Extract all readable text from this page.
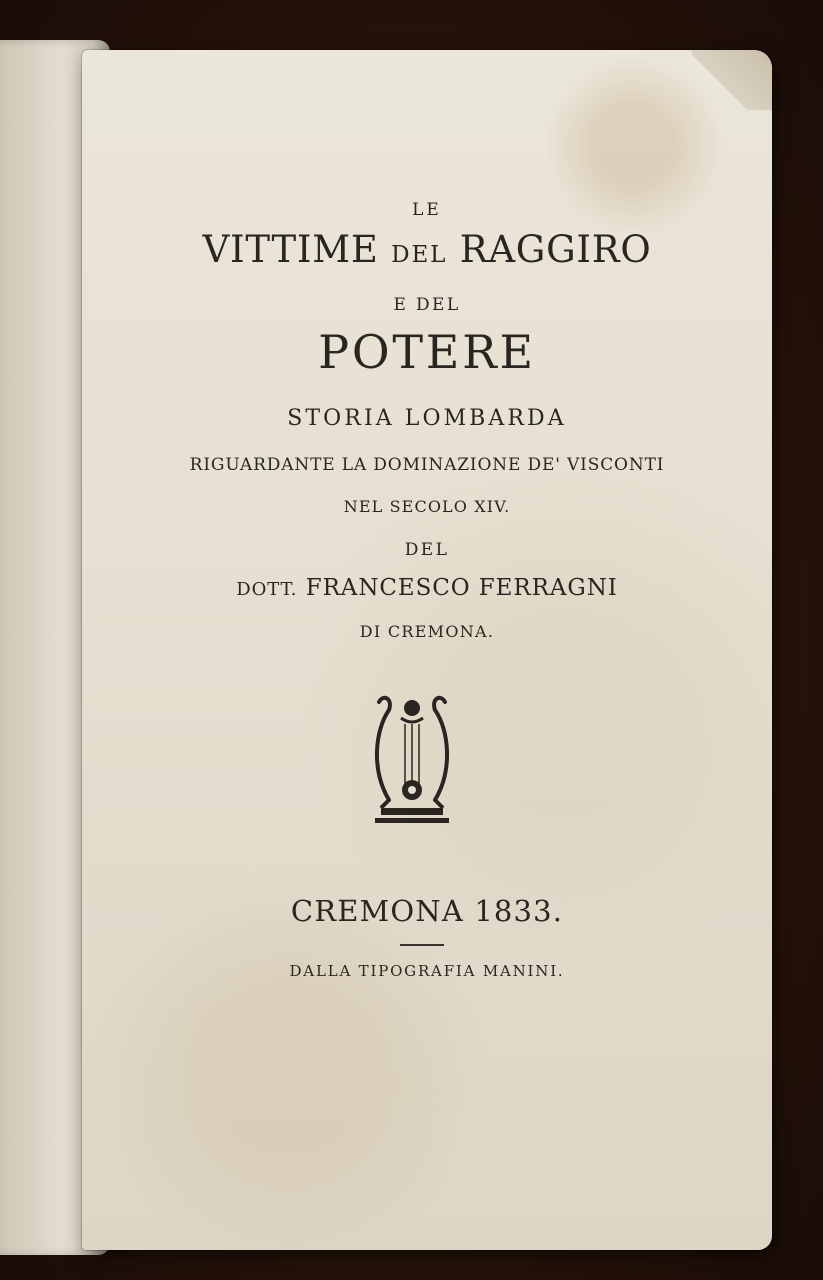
LE
VITTIME DEL RAGGIRO
E DEL
POTERE
STORIA LOMBARDA
RIGUARDANTE LA DOMINAZIONE DE' VISCONTI
NEL SECOLO XIV.
DEL
DOTT. FRANCESCO FERRAGNI
DI CREMONA.
CREMONA 1833.
DALLA TIPOGRAFIA MANINI.
